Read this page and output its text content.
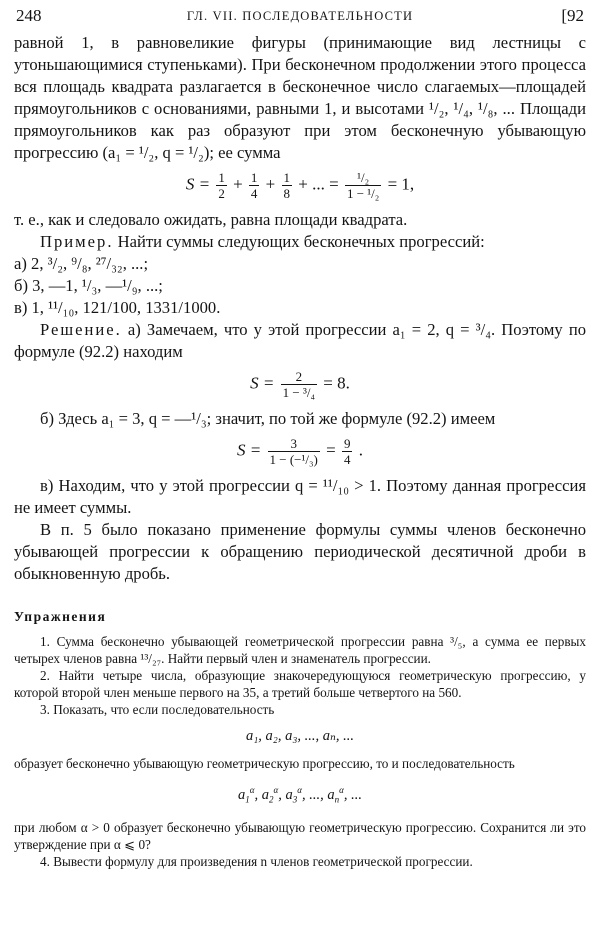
248	ГЛ. VII. ПОСЛЕДОВАТЕЛЬНОСТИ	[92

равной 1, в равновеликие фигуры (принимающие вид лестницы с утоньшающимися ступеньками). При бесконечном продолжении этого процесса вся площадь квадрата разлагается в бесконечное число слагаемых—площадей прямоугольников с основаниями, равными 1, и высотами ¹/₂, ¹/₄, ¹/₈, ... Площади прямоугольников как раз образуют при этом бесконечную убывающую прогрессию (a₁ = ¹/₂, q = ¹/₂); ее сумма

$S = \frac{1}{2} + \frac{1}{4} + \frac{1}{8}$ + ... =	¹/₂
1 − ¹/₂
= 1,

т. е., как и следовало ожидать, равна площади квадрата.

Пример. Найти суммы следующих бесконечных прогрессий:

а) 2, ³/₂, ⁹/₈, ²⁷/₃₂, ...;

б) 3, —1, ¹/₃, —¹/₉, ...;

в) 1, ¹¹/₁₀, 121/100, 1331/1000.

Решение. а) Замечаем, что у этой прогрессии a₁ = 2, q = ³/₄. Поэтому по формуле (92.2) находим

$S = \frac{2}{\text{1 − ³/₄}} = 8$.

б) Здесь a₁ = 3, q = —¹/₃; значит, по той же формуле (92.2) имеем

$S = \frac{3}{\text{1 − (−¹/₃)}} = \frac{9}{4}$ .

в) Находим, что у этой прогрессии q = ¹¹/₁₀ > 1. Поэтому данная прогрессия не имеет суммы.

В п. 5 было показано применение формулы суммы членов бесконечно убывающей прогрессии к обращению периодической десятичной дроби в обыкновенную дробь.

Упражнения

1. Сумма бесконечно убывающей геометрической прогрессии равна ³/₅, а сумма ее первых четырех членов равна ¹³/₂₇. Найти первый член и знаменатель прогрессии.

2. Найти четыре числа, образующие знакочередующуюся геометрическую прогрессию, у которой второй член меньше первого на 35, а третий больше четвертого на 560.

3. Показать, что если последовательность

a₁, a₂, a₃, ..., aₙ, ...

образует бесконечно убывающую геометрическую прогрессию, то и последовательность

$a_1^\alpha$, $a_2^\alpha$, $a_3^\alpha$, ..., $a_n^\alpha$, ...

при любом α > 0 образует бесконечно убывающую геометрическую прогрессию. Сохранится ли это утверждение при α ⩽ 0?

4. Вывести формулу для произведения n членов геометрической прогрессии.
